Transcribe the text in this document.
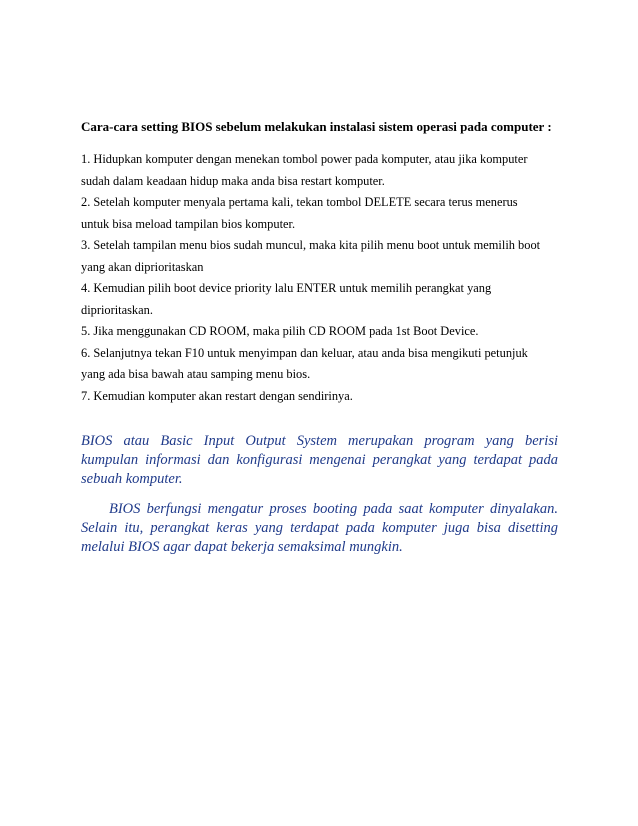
Cara-cara setting BIOS sebelum melakukan instalasi sistem operasi pada computer :
1. Hidupkan komputer dengan menekan tombol power pada komputer, atau jika komputer
sudah dalam keadaan hidup maka anda bisa restart komputer.
2. Setelah komputer menyala pertama kali, tekan tombol DELETE secara terus menerus
untuk bisa meload tampilan bios komputer.
3. Setelah tampilan menu bios sudah muncul, maka kita pilih menu boot untuk memilih boot
yang akan diprioritaskan
4. Kemudian pilih boot device priority lalu ENTER untuk memilih perangkat yang
diprioritaskan.
5. Jika menggunakan CD ROOM, maka pilih CD ROOM pada 1st Boot Device.
6. Selanjutnya tekan F10 untuk menyimpan dan keluar, atau anda bisa mengikuti petunjuk
yang ada bisa bawah atau samping menu bios.
7. Kemudian komputer akan restart dengan sendirinya.
BIOS atau Basic Input Output System merupakan program yang berisi
kumpulan informasi dan konfigurasi mengenai perangkat yang terdapat pada
sebuah komputer.
BIOS berfungsi mengatur proses booting pada saat komputer dinyalakan.
Selain itu, perangkat keras yang terdapat pada komputer juga bisa disetting
melalui BIOS agar dapat bekerja semaksimal mungkin.
